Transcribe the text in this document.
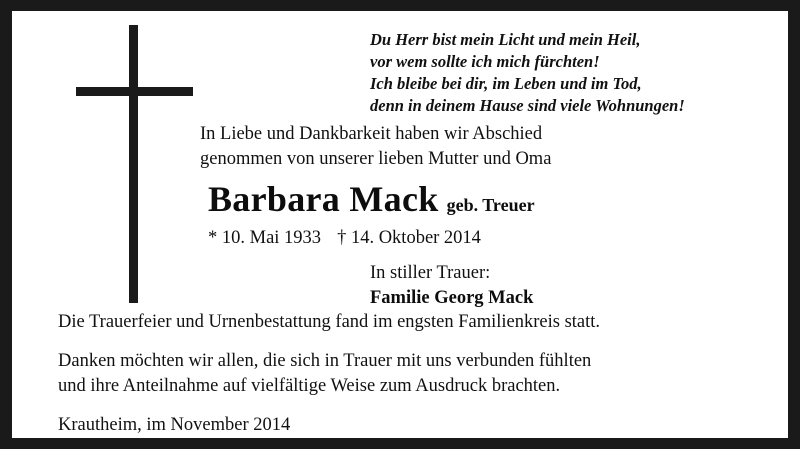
Du Herr bist mein Licht und mein Heil,
vor wem sollte ich mich fürchten!
Ich bleibe bei dir, im Leben und im Tod,
denn in deinem Hause sind viele Wohnungen!
In Liebe und Dankbarkeit haben wir Abschied
genommen von unserer lieben Mutter und Oma
Barbara Mack geb. Treuer
* 10. Mai 1933 † 14. Oktober 2014
In stiller Trauer:
Familie Georg Mack
Die Trauerfeier und Urnenbestattung fand im engsten Familienkreis statt.
Danken möchten wir allen, die sich in Trauer mit uns verbunden fühlten
und ihre Anteilnahme auf vielfältige Weise zum Ausdruck brachten.
Krautheim, im November 2014
